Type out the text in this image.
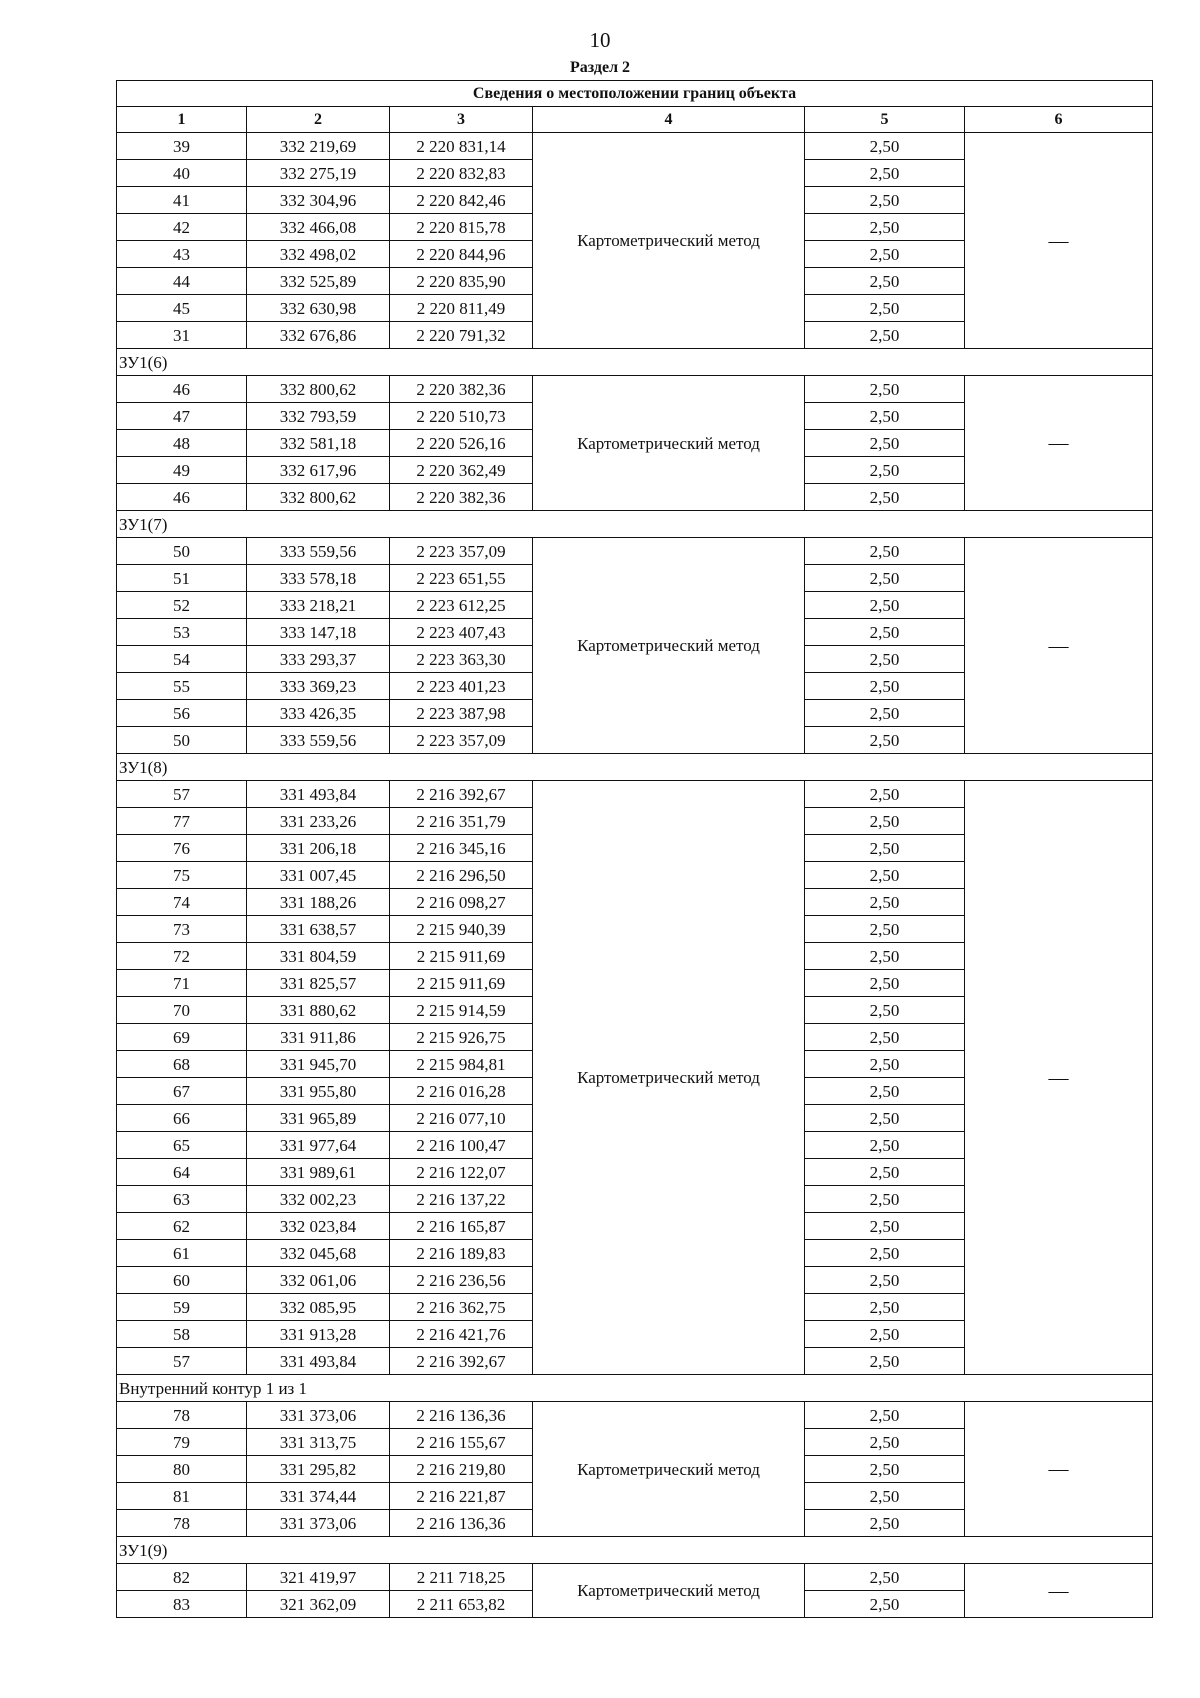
10
Раздел 2
Сведения о местоположении границ объекта					
1	2	3	4	5	6
39	332 219,69	2 220 831,14	Картометрический метод	2,50	—
40	332 275,19	2 220 832,83		2,50	
41	332 304,96	2 220 842,46		2,50	
42	332 466,08	2 220 815,78		2,50	
43	332 498,02	2 220 844,96		2,50	
44	332 525,89	2 220 835,90		2,50	
45	332 630,98	2 220 811,49		2,50	
31	332 676,86	2 220 791,32		2,50	
ЗУ1(6)					
46	332 800,62	2 220 382,36	Картометрический метод	2,50	—
47	332 793,59	2 220 510,73		2,50	
48	332 581,18	2 220 526,16		2,50	
49	332 617,96	2 220 362,49		2,50	
46	332 800,62	2 220 382,36		2,50	
ЗУ1(7)					
50	333 559,56	2 223 357,09	Картометрический метод	2,50	—
51	333 578,18	2 223 651,55		2,50	
52	333 218,21	2 223 612,25		2,50	
53	333 147,18	2 223 407,43		2,50	
54	333 293,37	2 223 363,30		2,50	
55	333 369,23	2 223 401,23		2,50	
56	333 426,35	2 223 387,98		2,50	
50	333 559,56	2 223 357,09		2,50	
ЗУ1(8)					
57	331 493,84	2 216 392,67	Картометрический метод	2,50	—
77	331 233,26	2 216 351,79		2,50	
76	331 206,18	2 216 345,16		2,50	
75	331 007,45	2 216 296,50		2,50	
74	331 188,26	2 216 098,27		2,50	
73	331 638,57	2 215 940,39		2,50	
72	331 804,59	2 215 911,69		2,50	
71	331 825,57	2 215 911,69		2,50	
70	331 880,62	2 215 914,59		2,50	
69	331 911,86	2 215 926,75		2,50	
68	331 945,70	2 215 984,81		2,50	
67	331 955,80	2 216 016,28		2,50	
66	331 965,89	2 216 077,10		2,50	
65	331 977,64	2 216 100,47		2,50	
64	331 989,61	2 216 122,07		2,50	
63	332 002,23	2 216 137,22		2,50	
62	332 023,84	2 216 165,87		2,50	
61	332 045,68	2 216 189,83		2,50	
60	332 061,06	2 216 236,56		2,50	
59	332 085,95	2 216 362,75		2,50	
58	331 913,28	2 216 421,76		2,50	
57	331 493,84	2 216 392,67		2,50	
Внутренний контур 1 из 1					
78	331 373,06	2 216 136,36	Картометрический метод	2,50	—
79	331 313,75	2 216 155,67		2,50	
80	331 295,82	2 216 219,80		2,50	
81	331 374,44	2 216 221,87		2,50	
78	331 373,06	2 216 136,36		2,50	
ЗУ1(9)					
82	321 419,97	2 211 718,25	Картометрический метод	2,50	—
83	321 362,09	2 211 653,82		2,50	
